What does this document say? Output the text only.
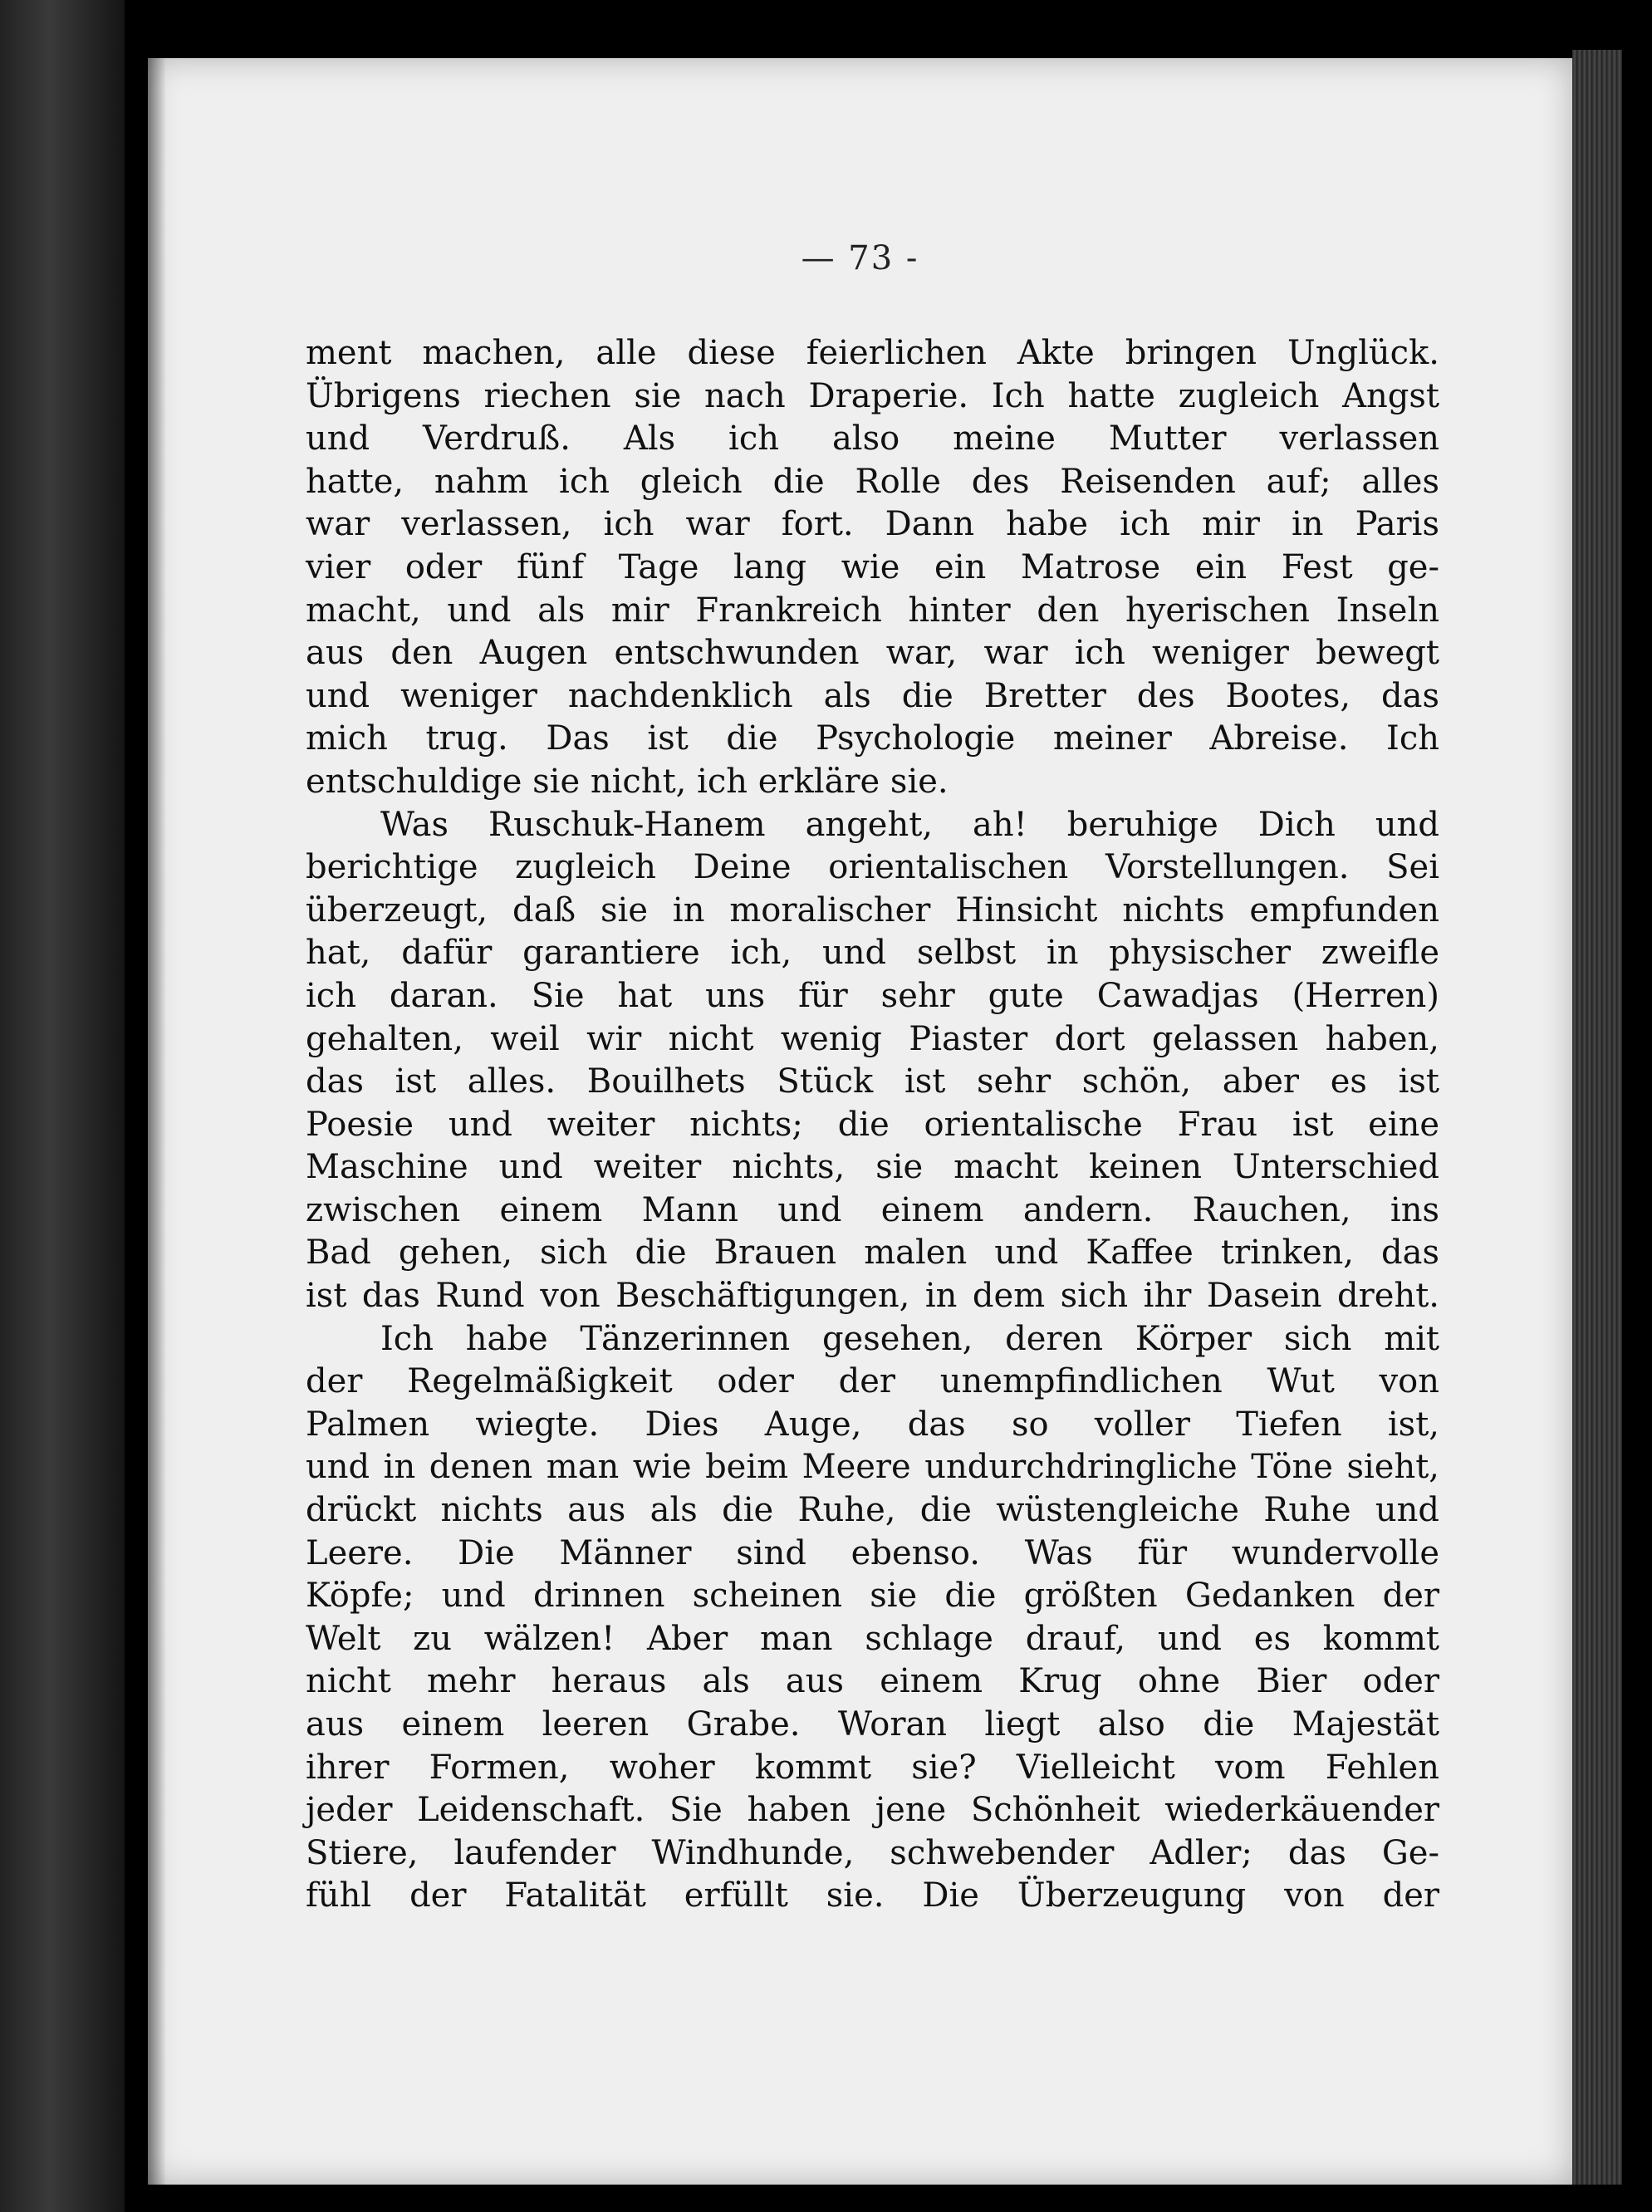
— 73 -
ment machen, alle diese feierlichen Akte bringen Unglück.
Übrigens riechen sie nach Draperie. Ich hatte zugleich Angst
und Verdruß. Als ich also meine Mutter verlassen
hatte, nahm ich gleich die Rolle des Reisenden auf; alles
war verlassen, ich war fort. Dann habe ich mir in Paris
vier oder fünf Tage lang wie ein Matrose ein Fest ge-
macht, und als mir Frankreich hinter den hyerischen Inseln
aus den Augen entschwunden war, war ich weniger bewegt
und weniger nachdenklich als die Bretter des Bootes, das
mich trug. Das ist die Psychologie meiner Abreise. Ich
entschuldige sie nicht, ich erkläre sie.
Was Ruschuk-Hanem angeht, ah! beruhige Dich und
berichtige zugleich Deine orientalischen Vorstellungen. Sei
überzeugt, daß sie in moralischer Hinsicht nichts empfunden
hat, dafür garantiere ich, und selbst in physischer zweifle
ich daran. Sie hat uns für sehr gute Cawadjas (Herren)
gehalten, weil wir nicht wenig Piaster dort gelassen haben,
das ist alles. Bouilhets Stück ist sehr schön, aber es ist
Poesie und weiter nichts; die orientalische Frau ist eine
Maschine und weiter nichts, sie macht keinen Unterschied
zwischen einem Mann und einem andern. Rauchen, ins
Bad gehen, sich die Brauen malen und Kaffee trinken, das
ist das Rund von Beschäftigungen, in dem sich ihr Dasein dreht.
Ich habe Tänzerinnen gesehen, deren Körper sich mit
der Regelmäßigkeit oder der unempfindlichen Wut von
Palmen wiegte. Dies Auge, das so voller Tiefen ist,
und in denen man wie beim Meere undurchdringliche Töne sieht,
drückt nichts aus als die Ruhe, die wüstengleiche Ruhe und
Leere. Die Männer sind ebenso. Was für wundervolle
Köpfe; und drinnen scheinen sie die größten Gedanken der
Welt zu wälzen! Aber man schlage drauf, und es kommt
nicht mehr heraus als aus einem Krug ohne Bier oder
aus einem leeren Grabe. Woran liegt also die Majestät
ihrer Formen, woher kommt sie? Vielleicht vom Fehlen
jeder Leidenschaft. Sie haben jene Schönheit wiederkäuender
Stiere, laufender Windhunde, schwebender Adler; das Ge-
fühl der Fatalität erfüllt sie. Die Überzeugung von der
